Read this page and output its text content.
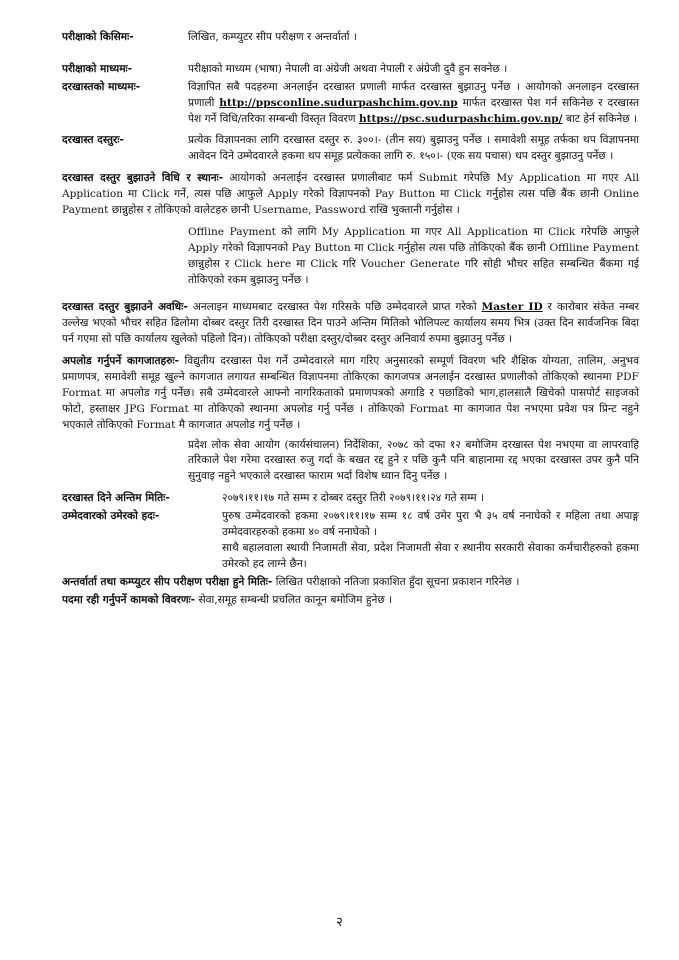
परीक्षाको किसिमः-	लिखित, कम्प्युटर सीप परीक्षण र अन्तर्वार्ता ।
परीक्षाको माध्यमः-	परीक्षाको माध्यम (भाषा) नेपाली वा अंग्रेजी अथवा नेपाली र अंग्रेजी दुवै हुन सक्नेछ ।
दरखास्तको माध्यमः-	विज्ञापित सबै पदहरुमा अनलाईन दरखास्त प्रणाली मार्फत दरखास्त बुझाउनु पर्नेछ । आयोगको अनलाइन दरखास्त प्रणाली http://ppsconline.sudurpashchim.gov.np मार्फत दरखास्त पेश गर्न सकिनेछ र दरखास्त पेश गर्ने विधि/तरिका सम्बन्धी विस्तृत विवरण https://psc.sudurpashchim.gov.np/ बाट हेर्न सकिनेछ ।
दरखास्त दस्तुरः-	प्रत्येक विज्ञापनका लागि दरखास्त दस्तुर रु. ३००।- (तीन सय) बुझाउनु पर्नेछ । समावेशी समूह तर्फका थप विज्ञापनमा आवेदन दिने उम्मेदवारले हकमा थप समूह प्रत्येकका लागि रु. १५०।- (एक सय पचास) थप दस्तुर बुझाउनु पर्नेछ ।
दरखास्त दस्तुर बुझाउने विधि र स्थानः- आयोगको अनलाईन दरखास्त प्रणालीबाट फर्म Submit गरेपछि My Application मा गएर All Application मा Click गर्ने, त्यस पछि आफुले Apply गरेको विज्ञापनको Pay Button मा Click गर्नुहोस त्यस पछि बैंक छानी Online Payment छान्नुहोस र तोकिएको वालेटहरु छानी Username, Password राखि भुक्तानी गर्नुहोस ।
Offline Payment को लागि My Application मा गएर All Application मा Click गरेपछि आफुले Apply गरेको विज्ञापनको Pay Button मा Click गर्नुहोस त्यस पछि तोकिएको बैंक छानी Offlline Payment छान्नुहोस र Click here मा Click गरि Voucher Generate गरि सोही भौचर सहित सम्बन्धित बैंकमा गई तोकिएको रकम बुझाउनु पर्नेछ ।
दरखास्त दस्तुर बुझाउने अवधिः- अनलाइन माध्यमबाट दरखास्त पेश गरिसके पछि उम्मेदवारले प्राप्त गरेको Master ID र कारोबार संकेत नम्बर उल्लेख भएको भौचर सहित ढिलोमा दोब्बर दस्तुर तिरी दरखास्त दिन पाउने अन्तिम मितिको भोलिपल्ट कार्यालय समय भित्र (उक्त दिन सार्वजनिक बिदा पर्न गएमा सो पछि कार्यालय खुलेको पहिलो दिन)। तोकिएको परीक्षा दस्तुर/दोब्बर दस्तुर अनिवार्य रुपमा बुझाउनु पर्नेछ ।
अपलोड गर्नुपर्ने कागजातहरुः- विद्युतीय दरखास्त पेश गर्ने उम्मेदवारले माग गरिए अनुसारको सम्पूर्ण विवरण भरि शैक्षिक योग्यता, तालिम, अनुभव प्रमाणपत्र, समावेशी समूह खुल्ने कागजात लगायत सम्बन्धित विज्ञापनमा तोकिएका कागजपत्र अनलाईन दरखास्त प्रणालीको तोकिएको स्थानमा PDF Format मा अपलोड गर्नु पर्नेछ। सबै उम्मेदवारले आफ्नो नागरिकताको प्रमाणपत्रको अगाडि र पछाडिको भाग,हालसालै खिचेको पासपोर्ट साइजको फोटो, हस्ताक्षर JPG Format मा तोकिएको स्थानमा अपलोड गर्नु पर्नेछ । तोकिएको Format मा कागजात पेश नभएमा प्रवेश पत्र प्रिन्ट नहुने भएकाले तोकिएको Format मै कागजात अपलोड गर्नु पर्नेछ ।
प्रदेश लोक सेवा आयोग (कार्यसंचालन) निर्देशिका, २०७८ को दफा १२ बमोजिम दरखास्त पेश नभएमा वा लापरवाहि तरिकाले पेश गरेमा दरखास्त रुजु गर्दा के बखत रद्द हुने र पछि कुनै पनि बाहानामा रद्द भएका दरखास्त उपर कुनै पनि सुनुवाइ नहुने भएकाले दरखास्त फाराम भर्दा विशेष ध्यान दिनु पर्नेछ ।
दरखास्त दिने अन्तिम मितिः-	२०७९।११।१७ गते सम्म र दोब्बर दस्तुर तिरी २०७९।११।२४ गते सम्म ।
उम्मेदवारको उमेरको हदः-	पुरुष उम्मेदवारको हकमा २०७९।११।१७ सम्म १८ वर्ष उमेर पुरा भै ३५ वर्ष ननाघेको र महिला तथा अपाङ्ग उम्मेदवारहरुको हकमा ४० वर्ष ननाघेको ।
साथै बहालवाला स्थायी निजामती सेवा, प्रदेश निजामती सेवा र स्थानीय सरकारी सेवाका कर्मचारीहरुको हकमा उमेरको हद लाग्ने छैन।
अन्तर्वार्ता तथा कम्प्युटर सीप परीक्षण परीक्षा हुने मितिः- लिखित परीक्षाको नतिजा प्रकाशित हुँदा सूचना प्रकाशन गरिनेछ ।
पदमा रही गर्नुपर्ने कामको विवरणः- सेवा,समूह सम्बन्धी प्रचलित कानून बमोजिम हुनेछ ।
२
